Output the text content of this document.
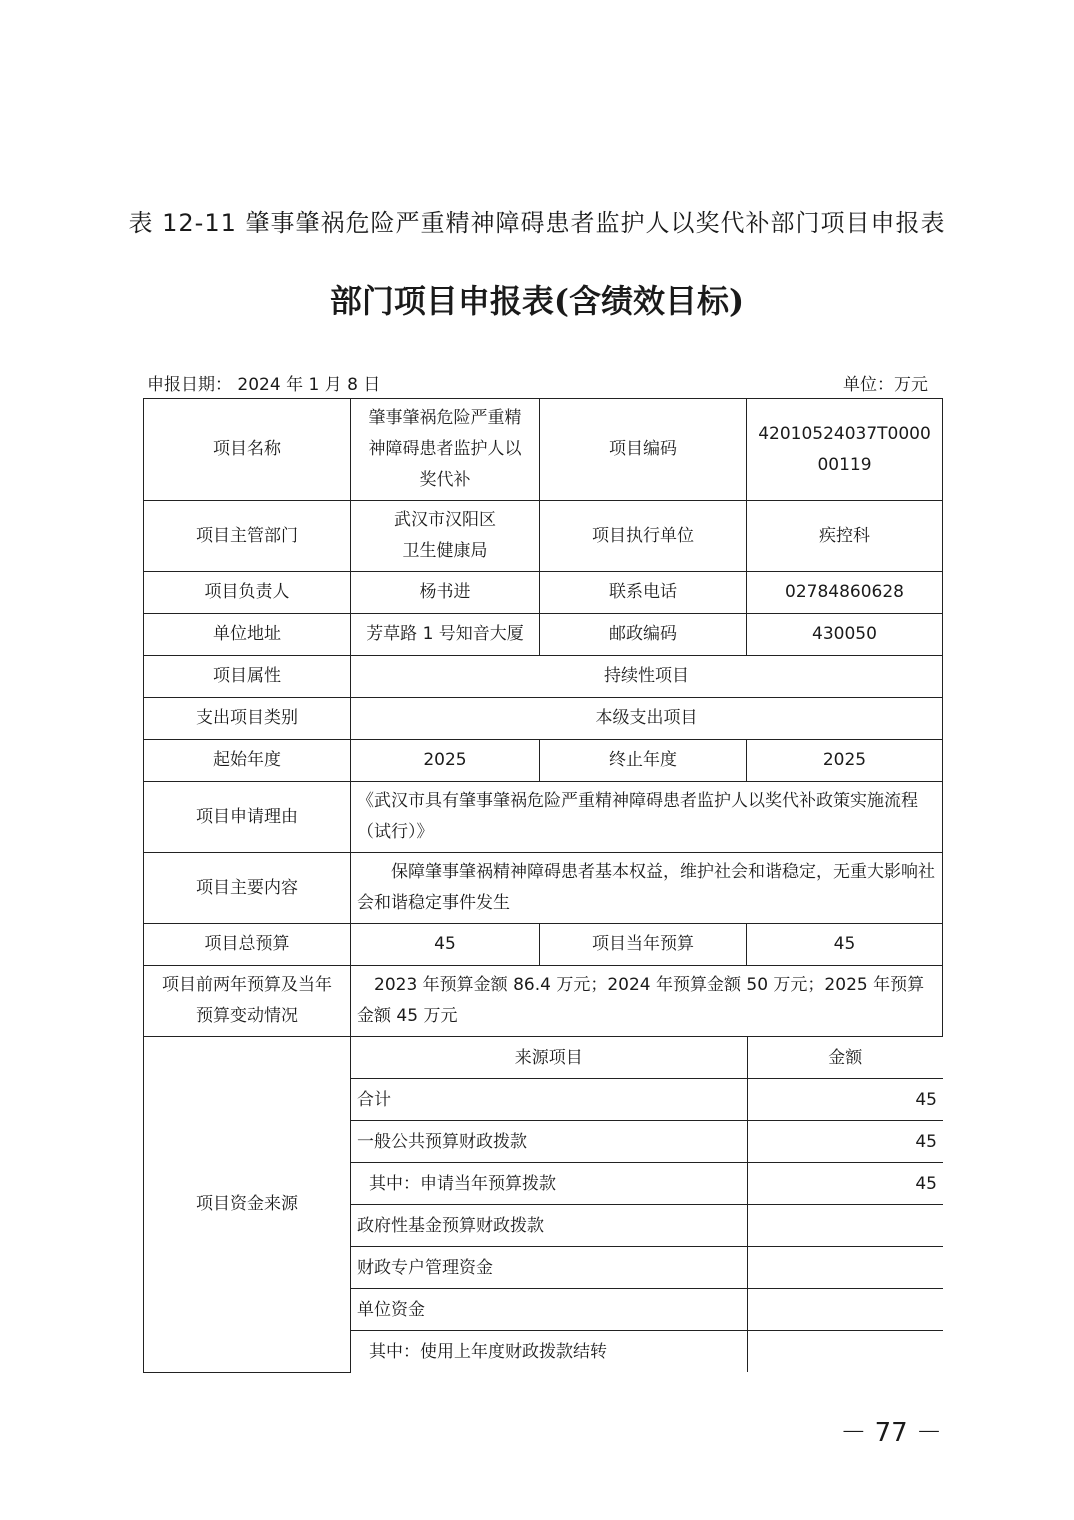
表 12-11 肇事肇祸危险严重精神障碍患者监护人以奖代补部门项目申报表
部门项目申报表(含绩效目标)
申报日期： 2024 年 1 月 8 日	单位：万元
项目名称	肇事肇祸危险严重精神障碍患者监护人以奖代补	项目编码	42010524037T000000119
项目主管部门	武汉市汉阳区卫生健康局	项目执行单位	疾控科
项目负责人	杨书进	联系电话	02784860628
单位地址	芳草路 1 号知音大厦	邮政编码	430050
项目属性	持续性项目
支出项目类别	本级支出项目
起始年度	2025	终止年度	2025
项目申请理由	《武汉市具有肇事肇祸危险严重精神障碍患者监护人以奖代补政策实施流程（试行）》
项目主要内容	保障肇事肇祸精神障碍患者基本权益，维护社会和谐稳定，无重大影响社会和谐稳定事件发生
项目总预算	45	项目当年预算	45
项目前两年预算及当年预算变动情况	2023 年预算金额 86.4 万元；2024 年预算金额 50 万元；2025 年预算金额 45 万元
项目资金来源	
来源项目	金额
合计	45
一般公共预算财政拨款	45
其中：申请当年预算拨款	45
政府性基金预算财政拨款	
财政专户管理资金	
单位资金	
其中：使用上年度财政拨款结转	
－ 77 －
